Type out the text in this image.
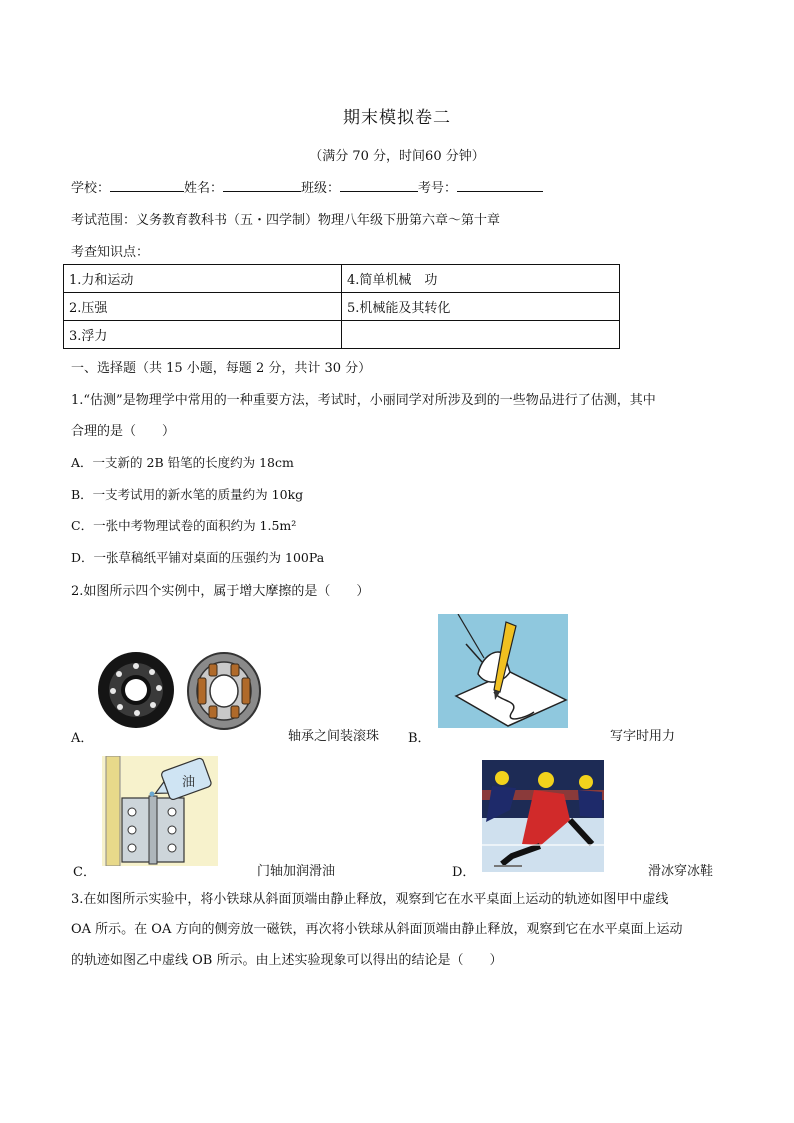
期末模拟卷二
（满分 70 分，时间60 分钟）
学校：	姓名：	班级：	考号：
考试范围：义务教育教科书（五・四学制）物理八年级下册第六章～第十章
考查知识点：
1.力和运动	4.简单机械　功
2.压强	5.机械能及其转化
3.浮力	
一、选择题（共 15 小题，每题 2 分，共计 30 分）
1.“估测”是物理学中常用的一种重要方法，考试时，小丽同学对所涉及到的一些物品进行了估测，其中
合理的是（　　）
A．一支新的 2B 铅笔的长度约为 18cm
B．一支考试用的新水笔的质量约为 10kg
C．一张中考物理试卷的面积约为 1.5m²
D．一张草稿纸平铺对桌面的压强约为 100Pa
2.如图所示四个实例中，属于增大摩擦的是（　　）
A．	轴承之间装滚珠 B．	写字时用力
油
C．	门轴加润滑油	D．	滑冰穿冰鞋
3.在如图所示实验中，将小铁球从斜面顶端由静止释放，观察到它在水平桌面上运动的轨迹如图甲中虚线
OA 所示。在 OA 方向的侧旁放一磁铁，再次将小铁球从斜面顶端由静止释放，观察到它在水平桌面上运动
的轨迹如图乙中虚线 OB 所示。由上述实验现象可以得出的结论是（　　）
